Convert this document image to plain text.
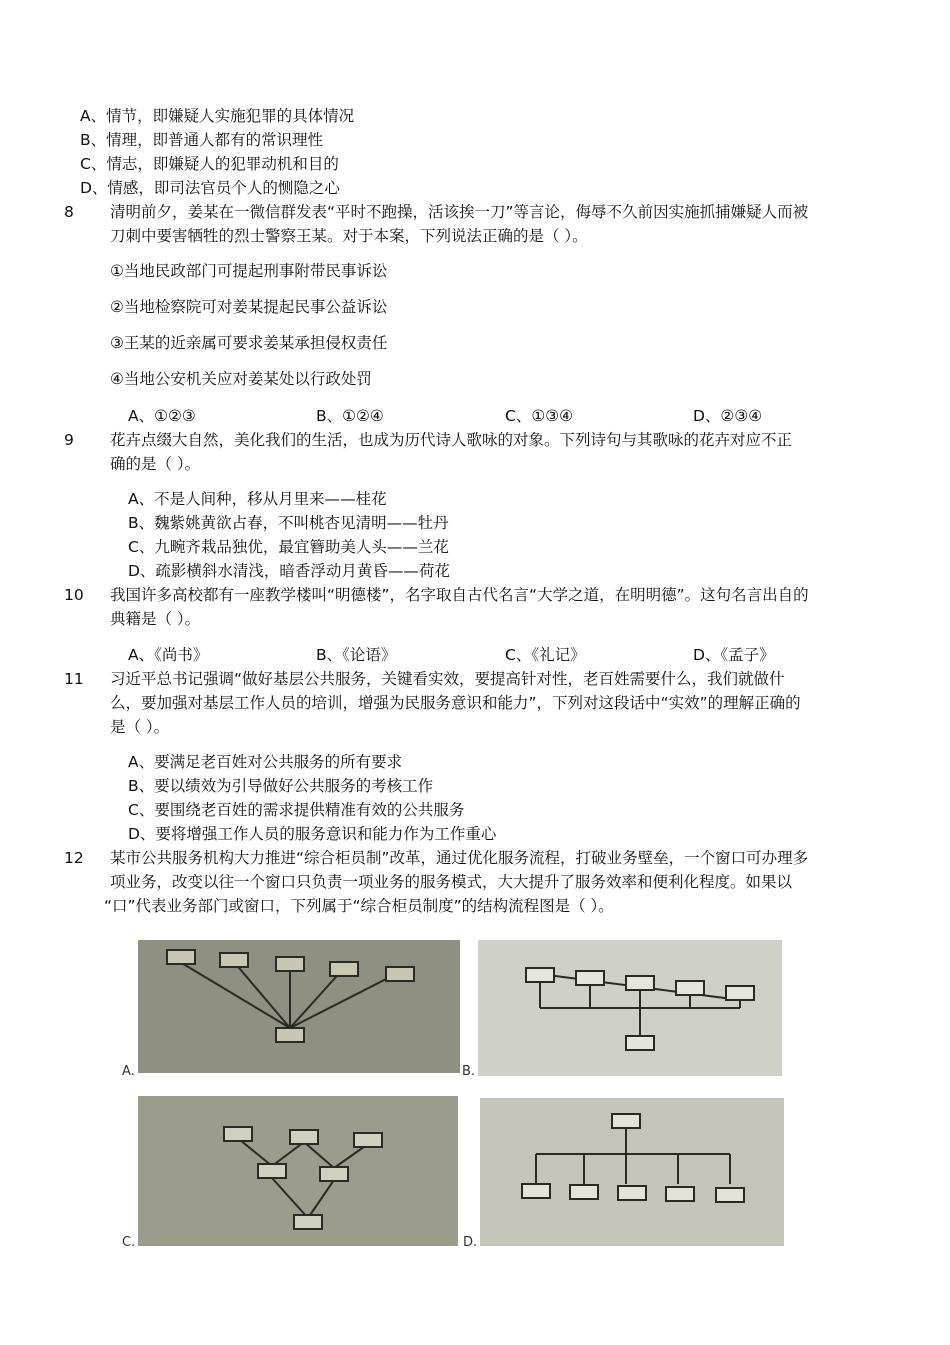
A、情节，即嫌疑人实施犯罪的具体情况
B、情理，即普通人都有的常识理性
C、情志，即嫌疑人的犯罪动机和目的
D、情感，即司法官员个人的恻隐之心
8 清明前夕，姜某在一微信群发表“平时不跑操，活该挨一刀”等言论，侮辱不久前因实施抓捕嫌疑人而被
刀刺中要害牺牲的烈士警察王某。对于本案，下列说法正确的是（ ）。
①当地民政部门可提起刑事附带民事诉讼
②当地检察院可对姜某提起民事公益诉讼
③王某的近亲属可要求姜某承担侵权责任
④当地公安机关应对姜某处以行政处罚
A、①②③	B、①②④	C、①③④	D、②③④
9 花卉点缀大自然，美化我们的生活，也成为历代诗人歌咏的对象。下列诗句与其歌咏的花卉对应不正
确的是（ ）。
A、不是人间种，移从月里来——桂花
B、魏紫姚黄欲占春，不叫桃杏见清明——牡丹
C、九畹齐栽品独优，最宜簪助美人头——兰花
D、疏影横斜水清浅，暗香浮动月黄昏——荷花
10 我国许多高校都有一座教学楼叫“明德楼”，名字取自古代名言“大学之道，在明明德”。这句名言出自的
典籍是（ ）。
A、《尚书》	B、《论语》	C、《礼记》	D、《孟子》
11 习近平总书记强调“做好基层公共服务，关键看实效，要提高针对性，老百姓需要什么，我们就做什
么，要加强对基层工作人员的培训，增强为民服务意识和能力”，下列对这段话中“实效”的理解正确的
是（ ）。
A、要满足老百姓对公共服务的所有要求
B、要以绩效为引导做好公共服务的考核工作
C、要围绕老百姓的需求提供精准有效的公共服务
D、要将增强工作人员的服务意识和能力作为工作重心
12 某市公共服务机构大力推进“综合柜员制”改革，通过优化服务流程，打破业务壁垒，一个窗口可办理多
项业务，改变以往一个窗口只负责一项业务的服务模式，大大提升了服务效率和便利化程度。如果以
“口”代表业务部门或窗口，下列属于“综合柜员制度”的结构流程图是（ ）。
A.	B.
C.	D.
